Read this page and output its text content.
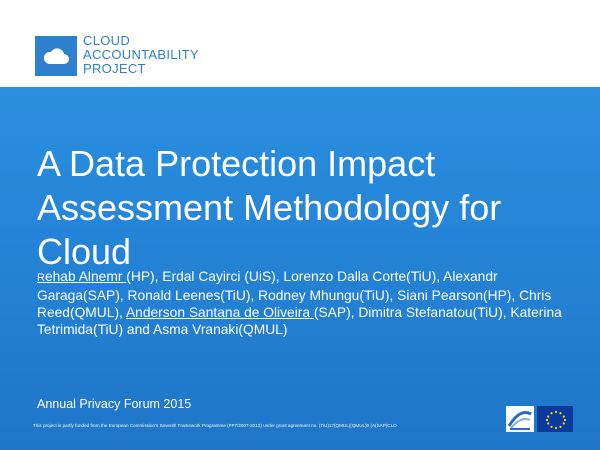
CLOUD
ACCOUNTABILITY
PROJECT
A Data Protection Impact
Assessment Methodology for
Cloud

Rehab Alnemr (HP), Erdal Cayirci (UiS), Lorenzo Dalla Corte(TiU), Alexandr Garaga(SAP), Ronald Leenes(TiU), Rodney Mhungu(TiU), Siani Pearson(HP), Chris Reed(QMUL), Anderson Santana de Oliveira (SAP), Dimitra Stefanatou(TiU), Katerina Tetrimida(TiU) and Asma Vranaki(QMUL)

Annual Privacy Forum 2015
This project is partly funded from the European Commission's Seventh Framework Programme (FP7/2007-2013) under grant agreement no. (TiU)17(QMUL)(QMUL)0 (A(SAP)CLO
